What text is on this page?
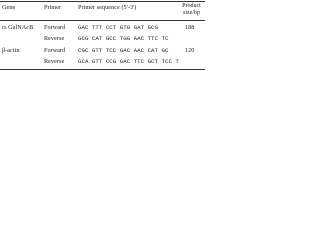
Gene	Primer	Primer sequence (5'-3')	Product size/bp
rs GalNAcB Forward GAC TTT CCT GTG GAT GCG	188
Reverse GCG CAT GCC TGG AAC TTC TC
β-actin	Forward CGC GTT TCC GAC AAC CAT GC	120
Reverse GCA GTT CCG GAC TTC GCT TCC T
